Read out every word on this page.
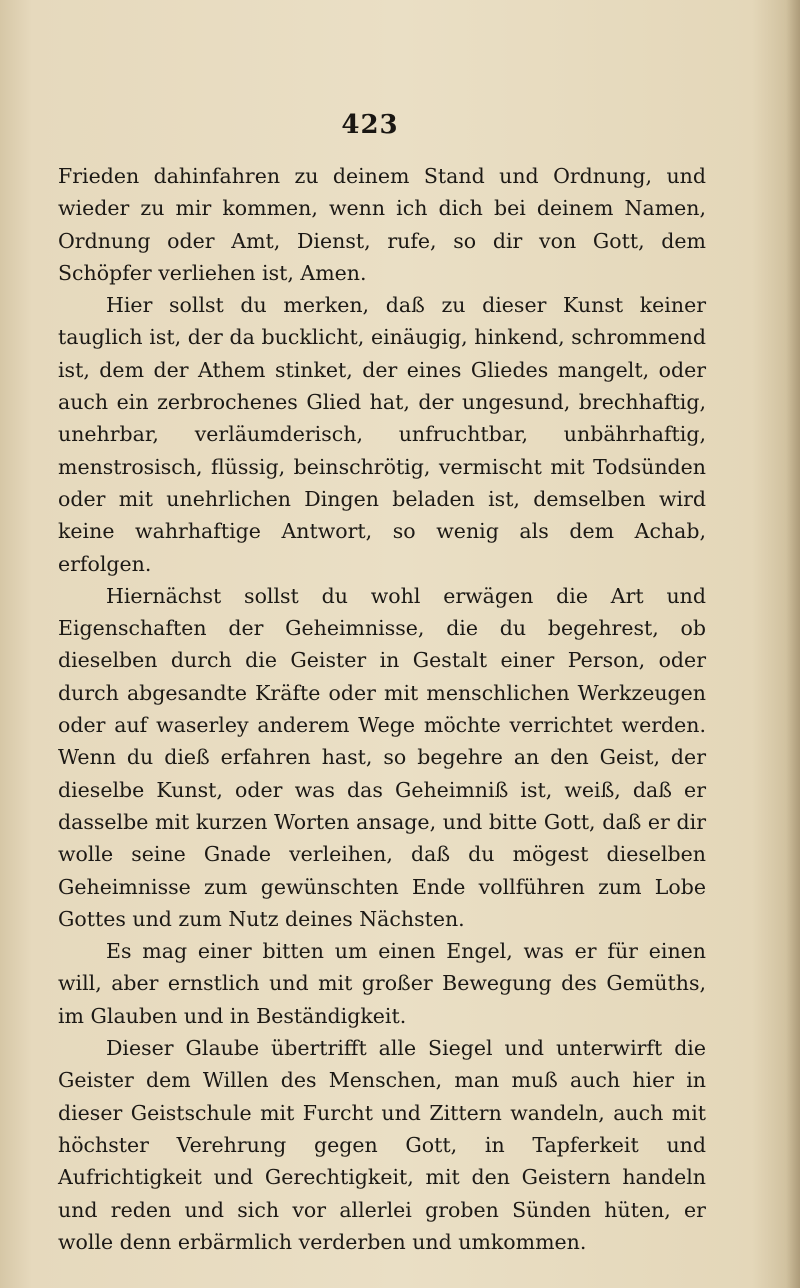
423

Frieden dahinfahren zu deinem Stand und Ordnung, und wieder zu mir kommen, wenn ich dich bei deinem Namen, Ordnung oder Amt, Dienst, rufe, so dir von Gott, dem Schöpfer verliehen ist, Amen.

Hier sollst du merken, daß zu dieser Kunst keiner tauglich ist, der da bucklicht, einäugig, hinkend, schrommend ist, dem der Athem stinket, der eines Gliedes mangelt, oder auch ein zerbrochenes Glied hat, der ungesund, brechhaftig, unehrbar, verläumderisch, unfruchtbar, unbährhaftig, menstrosisch, flüssig, beinschrötig, vermischt mit Todsünden oder mit unehrlichen Dingen beladen ist, demselben wird keine wahrhaftige Antwort, so wenig als dem Achab, erfolgen.

Hiernächst sollst du wohl erwägen die Art und Eigenschaften der Geheimnisse, die du begehrest, ob dieselben durch die Geister in Gestalt einer Person, oder durch abgesandte Kräfte oder mit menschlichen Werkzeugen oder auf waserley anderem Wege möchte verrichtet werden. Wenn du dieß erfahren hast, so begehre an den Geist, der dieselbe Kunst, oder was das Geheimniß ist, weiß, daß er dasselbe mit kurzen Worten ansage, und bitte Gott, daß er dir wolle seine Gnade verleihen, daß du mögest dieselben Geheimnisse zum gewünschten Ende vollführen zum Lobe Gottes und zum Nutz deines Nächsten.

Es mag einer bitten um einen Engel, was er für einen will, aber ernstlich und mit großer Bewegung des Gemüths, im Glauben und in Beständigkeit.

Dieser Glaube übertrifft alle Siegel und unterwirft die Geister dem Willen des Menschen, man muß auch hier in dieser Geistschule mit Furcht und Zittern wandeln, auch mit höchster Verehrung gegen Gott, in Tapferkeit und Aufrichtigkeit und Gerechtigkeit, mit den Geistern handeln und reden und sich vor allerlei groben Sünden hüten, er wolle denn erbärmlich verderben und umkommen.
